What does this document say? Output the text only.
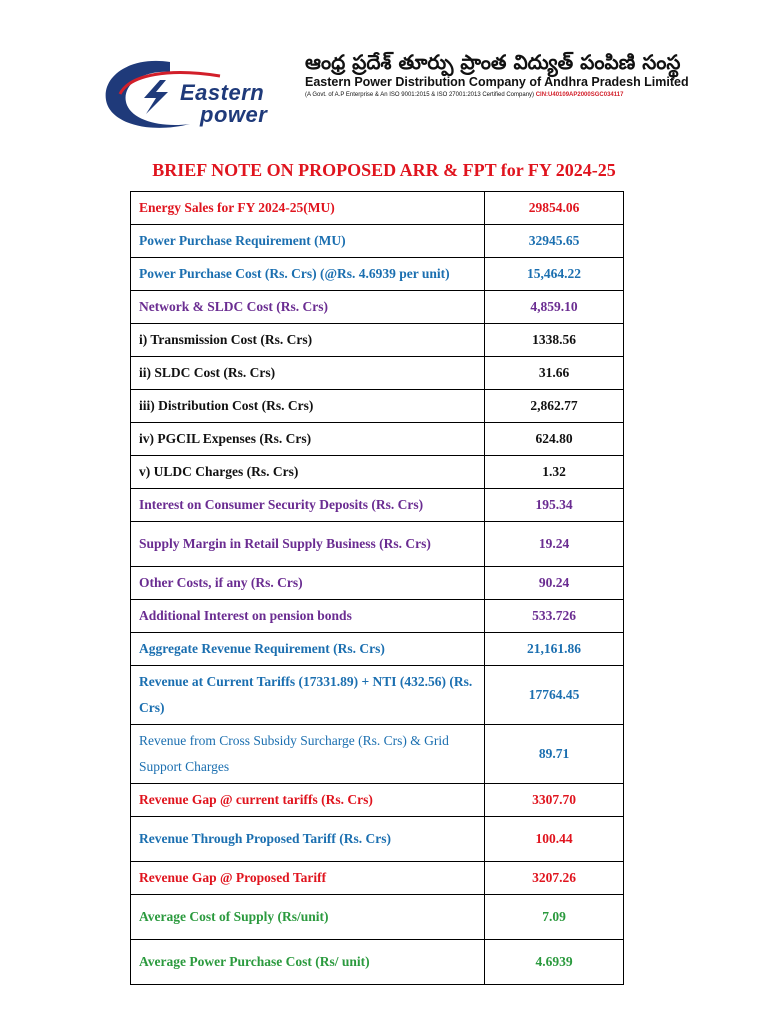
Eastern
power
ఆంధ్ర ప్రదేశ్ తూర్పు ప్రాంత విద్యుత్ పంపిణి సంస్థ
Eastern Power Distribution Company of Andhra Pradesh Limited
(A Govt. of A.P Enterprise & An ISO 9001:2015 & ISO 27001:2013 Certified Company) CIN:U40109AP2000SGC034117
BRIEF NOTE ON PROPOSED ARR & FPT for FY 2024-25
Energy Sales for FY 2024-25(MU)	29854.06
Power Purchase Requirement (MU)	32945.65
Power Purchase Cost (Rs. Crs) (@Rs. 4.6939 per unit)	15,464.22
Network & SLDC Cost (Rs. Crs)	4,859.10
i) Transmission Cost (Rs. Crs)	1338.56
ii) SLDC Cost (Rs. Crs)	31.66
iii) Distribution Cost (Rs. Crs)	2,862.77
iv) PGCIL Expenses (Rs. Crs)	624.80
v) ULDC Charges (Rs. Crs)	1.32
Interest on Consumer Security Deposits (Rs. Crs)	195.34
Supply Margin in Retail Supply Business (Rs. Crs)	19.24
Other Costs, if any (Rs. Crs)	90.24
Additional Interest on pension bonds	533.726
Aggregate Revenue Requirement (Rs. Crs)	21,161.86
Revenue at Current Tariffs (17331.89) + NTI (432.56) (Rs. Crs)	17764.45
Revenue from Cross Subsidy Surcharge (Rs. Crs) & Grid Support Charges	89.71
Revenue Gap @ current tariffs (Rs. Crs)	3307.70
Revenue Through Proposed Tariff (Rs. Crs)	100.44
Revenue Gap @ Proposed Tariff	3207.26
Average Cost of Supply (Rs/unit)	7.09
Average Power Purchase Cost (Rs/ unit)	4.6939
